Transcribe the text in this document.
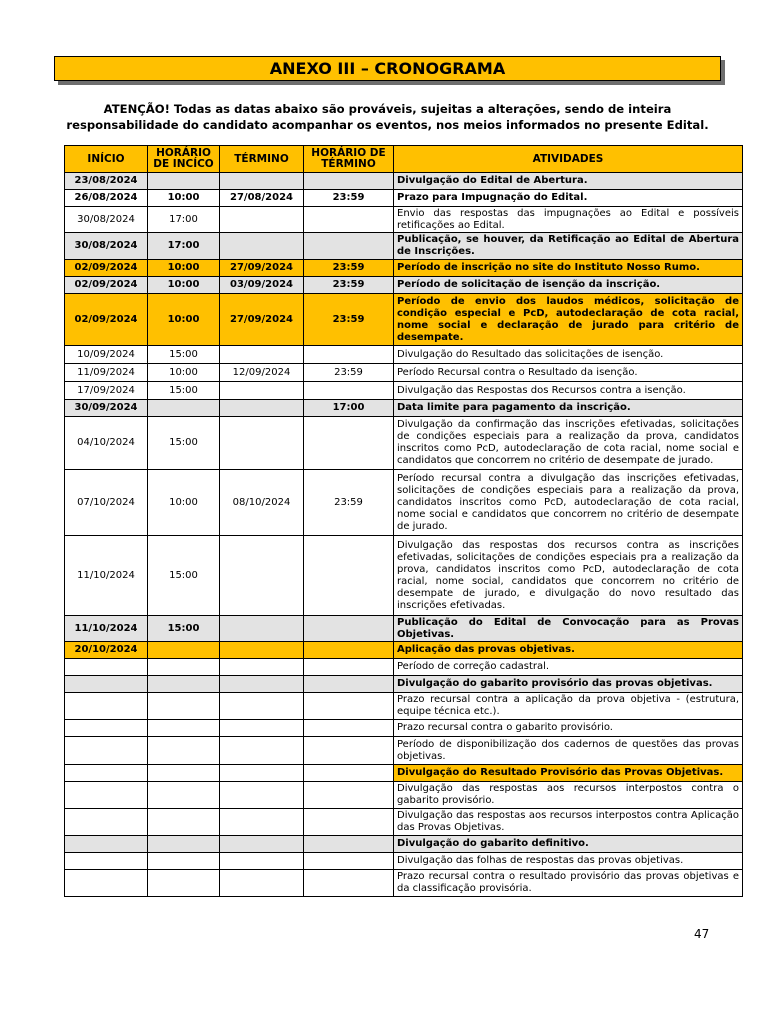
ANEXO III – CRONOGRAMA
ATENÇÃO! Todas as datas abaixo são prováveis, sujeitas a alterações, sendo de inteira responsabilidade do candidato acompanhar os eventos, nos meios informados no presente Edital.
INÍCIO	HORÁRIO DE INCÍCO	TÉRMINO	HORÁRIO DE TÉRMINO	ATIVIDADES
23/08/2024				Divulgação do Edital de Abertura.
26/08/2024	10:00	27/08/2024	23:59	Prazo para Impugnação do Edital.
30/08/2024	17:00			Envio das respostas das impugnações ao Edital e possíveis retificações ao Edital.
30/08/2024	17:00			Publicação, se houver, da Retificação ao Edital de Abertura de Inscrições.
02/09/2024	10:00	27/09/2024	23:59	Período de inscrição no site do Instituto Nosso Rumo.
02/09/2024	10:00	03/09/2024	23:59	Período de solicitação de isenção da inscrição.
02/09/2024	10:00	27/09/2024	23:59	Período de envio dos laudos médicos, solicitação de condição especial e PcD, autodeclaração de cota racial, nome social e declaração de jurado para critério de desempate.
10/09/2024	15:00			Divulgação do Resultado das solicitações de isenção.
11/09/2024	10:00	12/09/2024	23:59	Período Recursal contra o Resultado da isenção.
17/09/2024	15:00			Divulgação das Respostas dos Recursos contra a isenção.
30/09/2024			17:00	Data limite para pagamento da inscrição.
04/10/2024	15:00			Divulgação da confirmação das inscrições efetivadas, solicitações de condições especiais para a realização da prova, candidatos inscritos como PcD, autodeclaração de cota racial, nome social e candidatos que concorrem no critério de desempate de jurado.
07/10/2024	10:00	08/10/2024	23:59	Período recursal contra a divulgação das inscrições efetivadas, solicitações de condições especiais para a realização da prova, candidatos inscritos como PcD, autodeclaração de cota racial, nome social e candidatos que concorrem no critério de desempate de jurado.
11/10/2024	15:00			Divulgação das respostas dos recursos contra as inscrições efetivadas, solicitações de condições especiais pra a realização da prova, candidatos inscritos como PcD, autodeclaração de cota racial, nome social, candidatos que concorrem no critério de desempate de jurado, e divulgação do novo resultado das inscrições efetivadas.
11/10/2024	15:00			Publicação do Edital de Convocação para as Provas Objetivas.
20/10/2024				Aplicação das provas objetivas.
				Período de correção cadastral.
				Divulgação do gabarito provisório das provas objetivas.
				Prazo recursal contra a aplicação da prova objetiva - (estrutura, equipe técnica etc.).
				Prazo recursal contra o gabarito provisório.
				Período de disponibilização dos cadernos de questões das provas objetivas.
				Divulgação do Resultado Provisório das Provas Objetivas.
				Divulgação das respostas aos recursos interpostos contra o gabarito provisório.
				Divulgação das respostas aos recursos interpostos contra Aplicação das Provas Objetivas.
				Divulgação do gabarito definitivo.
				Divulgação das folhas de respostas das provas objetivas.
				Prazo recursal contra o resultado provisório das provas objetivas e da classificação provisória.
47
